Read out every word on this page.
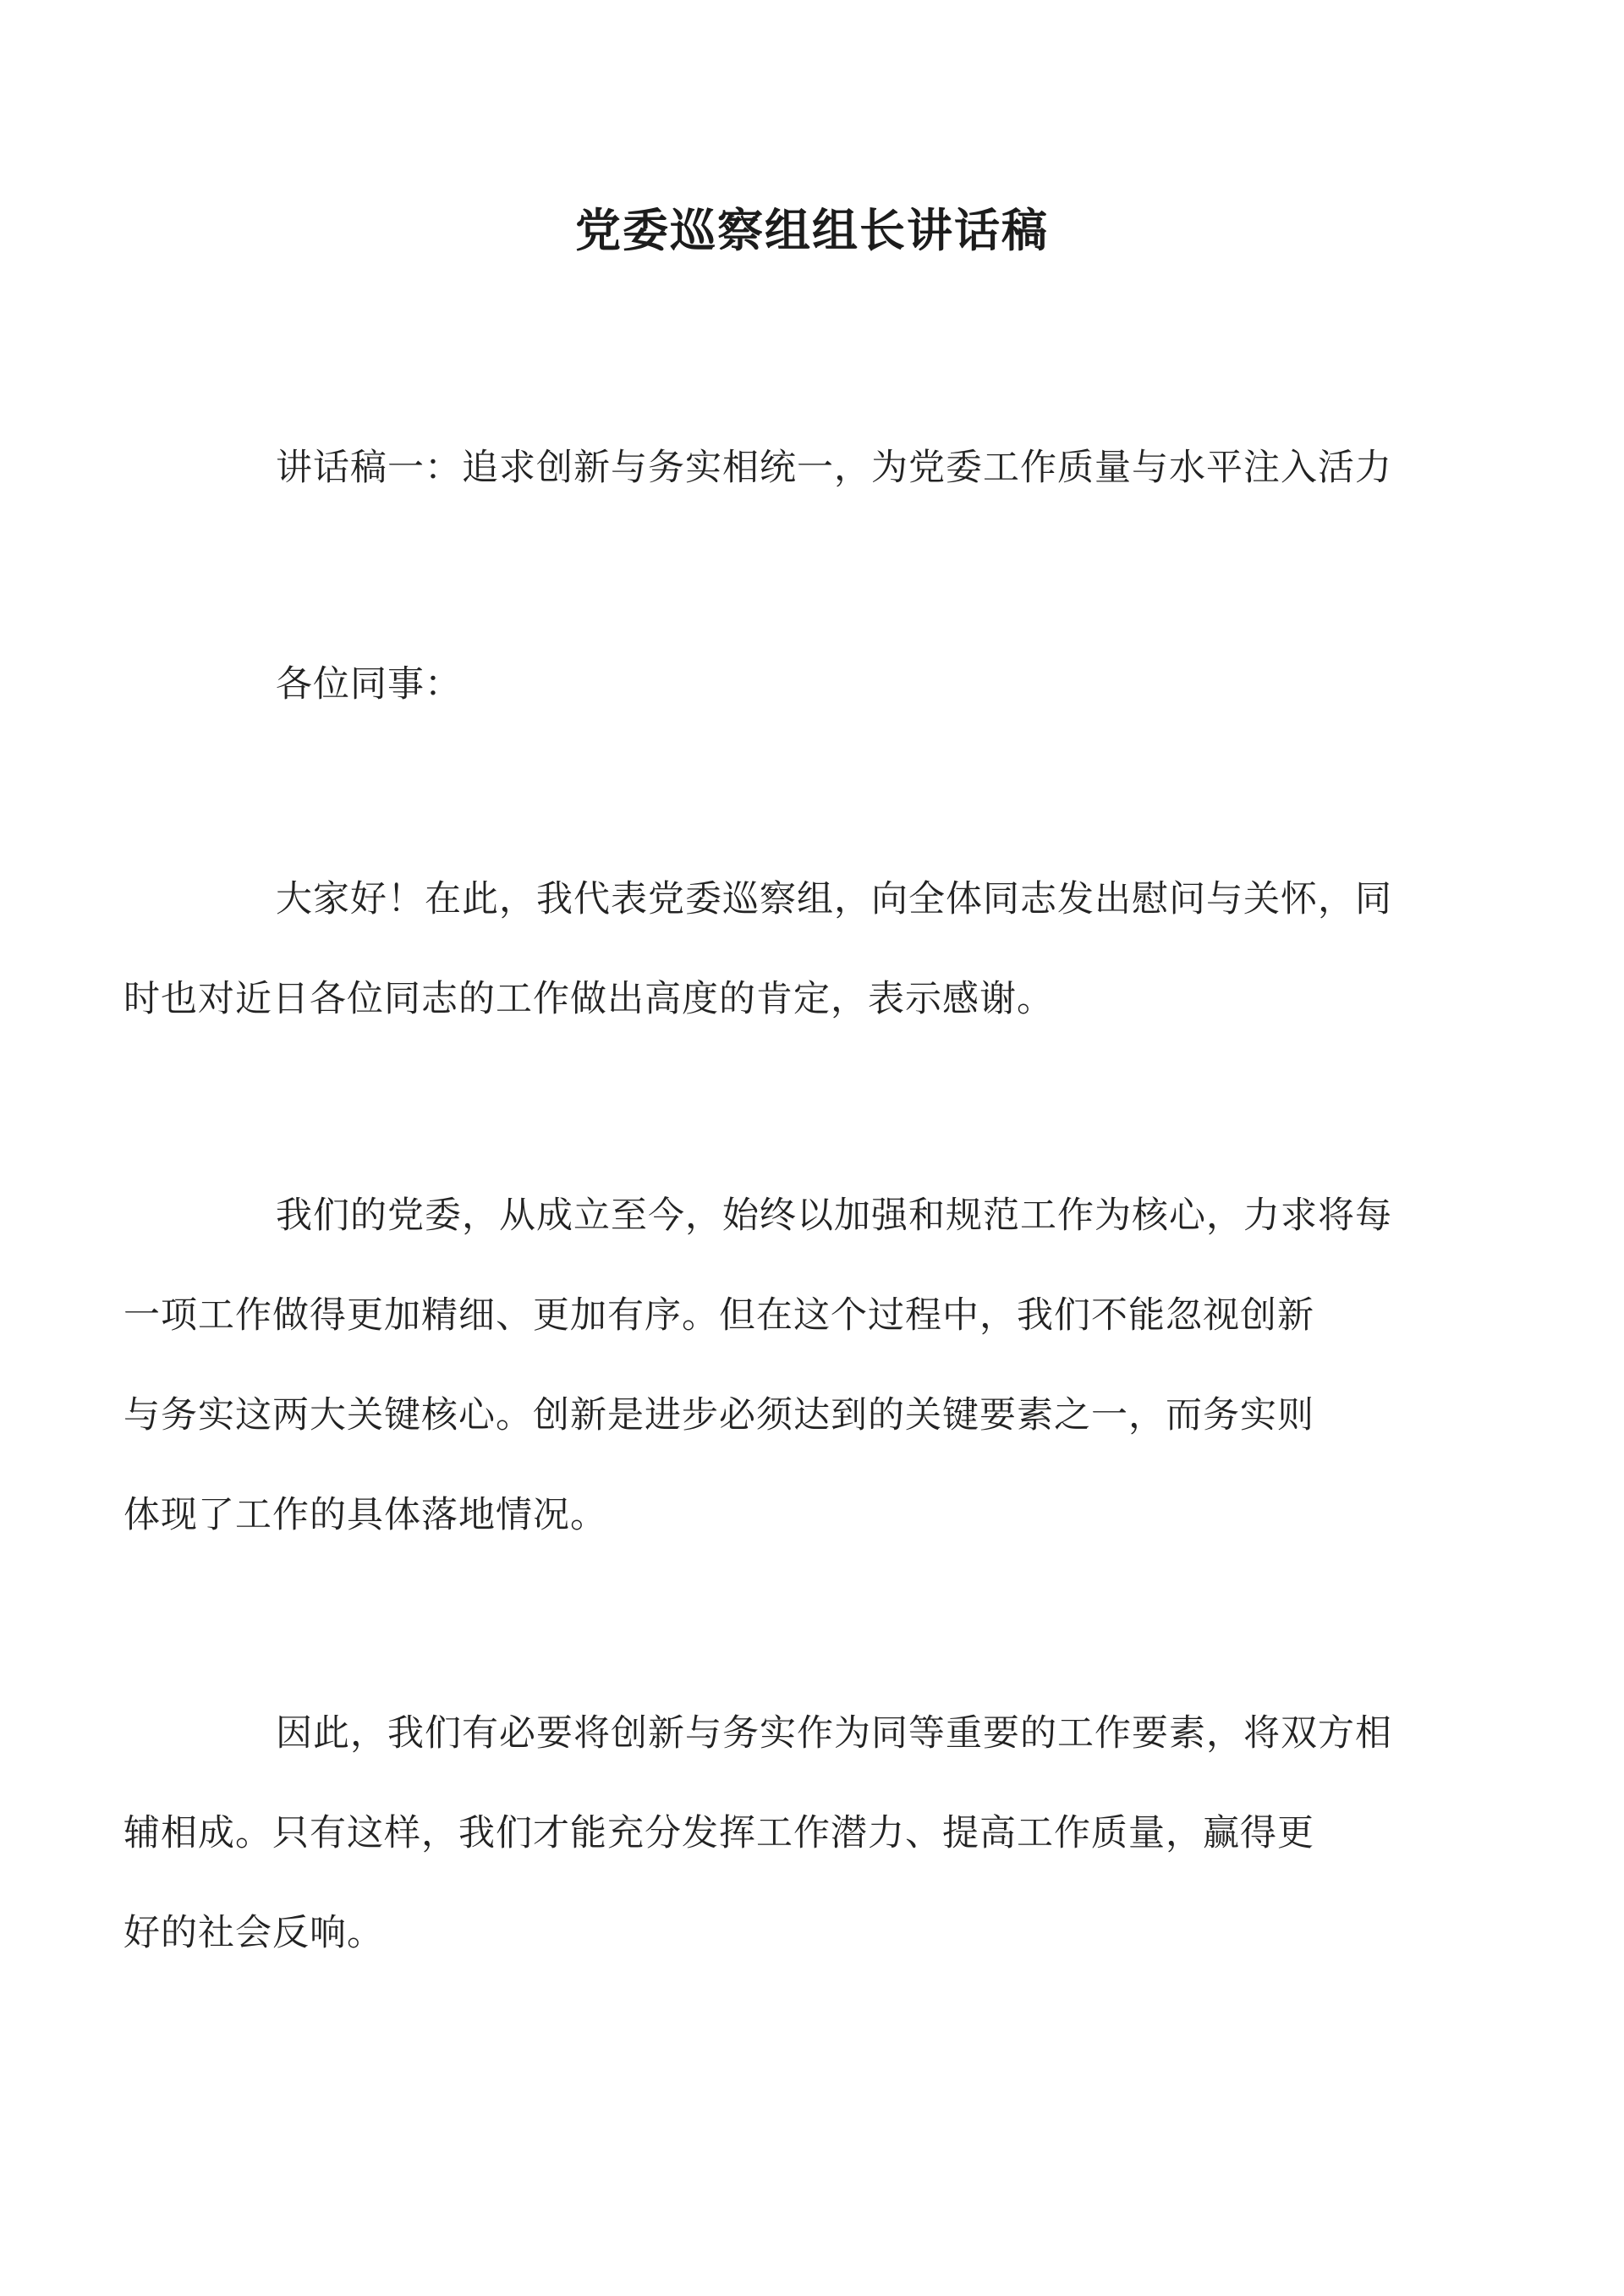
党委巡察组组长讲话稿
讲话稿一：追求创新与务实相统一，为党委工作质量与水平注入活力
各位同事：
大家好！在此，我代表党委巡察组，向全体同志发出慰问与关怀，同
时也对近日各位同志的工作做出高度的肯定，表示感谢。
我们的党委，从成立至今，始终以加强和规范工作为核心，力求将每
一项工作做得更加精细、更加有序。但在这个过程中，我们不能忽视创新
与务实这两大关键核心。创新是进步必须达到的关键要素之一，而务实则
体现了工作的具体落地情况。
因此，我们有必要将创新与务实作为同等重要的工作要素，将双方相
辅相成。只有这样，我们才能充分发挥工作潜力、提高工作质量，赢得更
好的社会反响。
